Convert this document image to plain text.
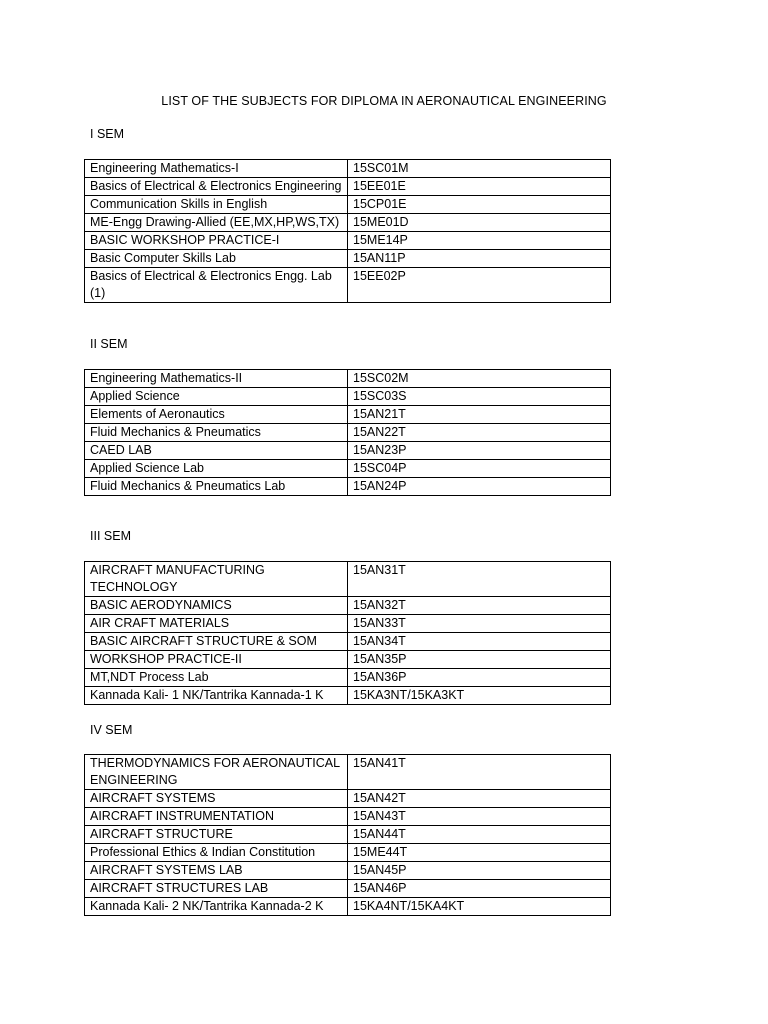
LIST OF THE SUBJECTS FOR DIPLOMA IN AERONAUTICAL ENGINEERING
I SEM
Engineering Mathematics-I	15SC01M
Basics of Electrical & Electronics Engineering	15EE01E
Communication Skills in English	15CP01E
ME-Engg Drawing-Allied (EE,MX,HP,WS,TX)	15ME01D
BASIC WORKSHOP PRACTICE-I	15ME14P
Basic Computer Skills Lab	15AN11P
Basics of Electrical & Electronics Engg. Lab (1)	15EE02P
II SEM
Engineering Mathematics-II	15SC02M
Applied Science	15SC03S
Elements of Aeronautics	15AN21T
Fluid Mechanics & Pneumatics	15AN22T
CAED LAB	15AN23P
Applied Science Lab	15SC04P
Fluid Mechanics & Pneumatics Lab	15AN24P
III SEM
AIRCRAFT MANUFACTURING TECHNOLOGY	15AN31T
BASIC AERODYNAMICS	15AN32T
AIR CRAFT MATERIALS	15AN33T
BASIC AIRCRAFT STRUCTURE & SOM	15AN34T
WORKSHOP PRACTICE-II	15AN35P
MT,NDT Process Lab	15AN36P
Kannada Kali- 1 NK/Tantrika Kannada-1 K	15KA3NT/15KA3KT
IV SEM
THERMODYNAMICS FOR AERONAUTICAL ENGINEERING	15AN41T
AIRCRAFT SYSTEMS	15AN42T
AIRCRAFT INSTRUMENTATION	15AN43T
AIRCRAFT STRUCTURE	15AN44T
Professional Ethics & Indian Constitution	15ME44T
AIRCRAFT SYSTEMS LAB	15AN45P
AIRCRAFT STRUCTURES LAB	15AN46P
Kannada Kali- 2 NK/Tantrika Kannada-2 K	15KA4NT/15KA4KT
